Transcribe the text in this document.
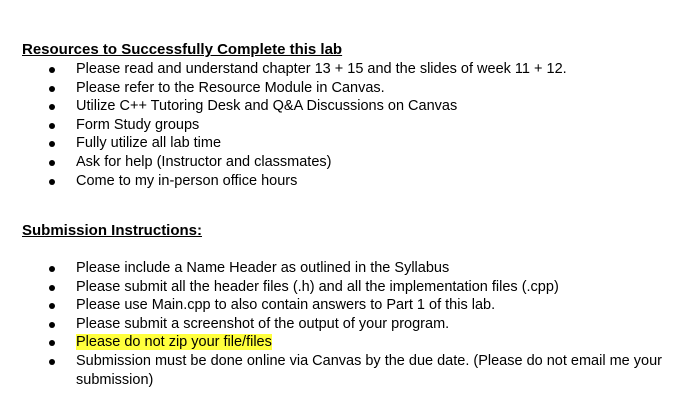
Resources to Successfully Complete this lab
Please read and understand chapter 13 + 15 and the slides of week 11 + 12.
Please refer to the Resource Module in Canvas.
Utilize C++ Tutoring Desk and Q&A Discussions on Canvas
Form Study groups
Fully utilize all lab time
Ask for help (Instructor and classmates)
Come to my in-person office hours
Submission Instructions:
Please include a Name Header as outlined in the Syllabus
Please submit all the header files (.h) and all the implementation files (.cpp)
Please use Main.cpp to also contain answers to Part 1 of this lab.
Please submit a screenshot of the output of your program.
Please do not zip your file/files
Submission must be done online via Canvas by the due date. (Please do not email me your submission)
